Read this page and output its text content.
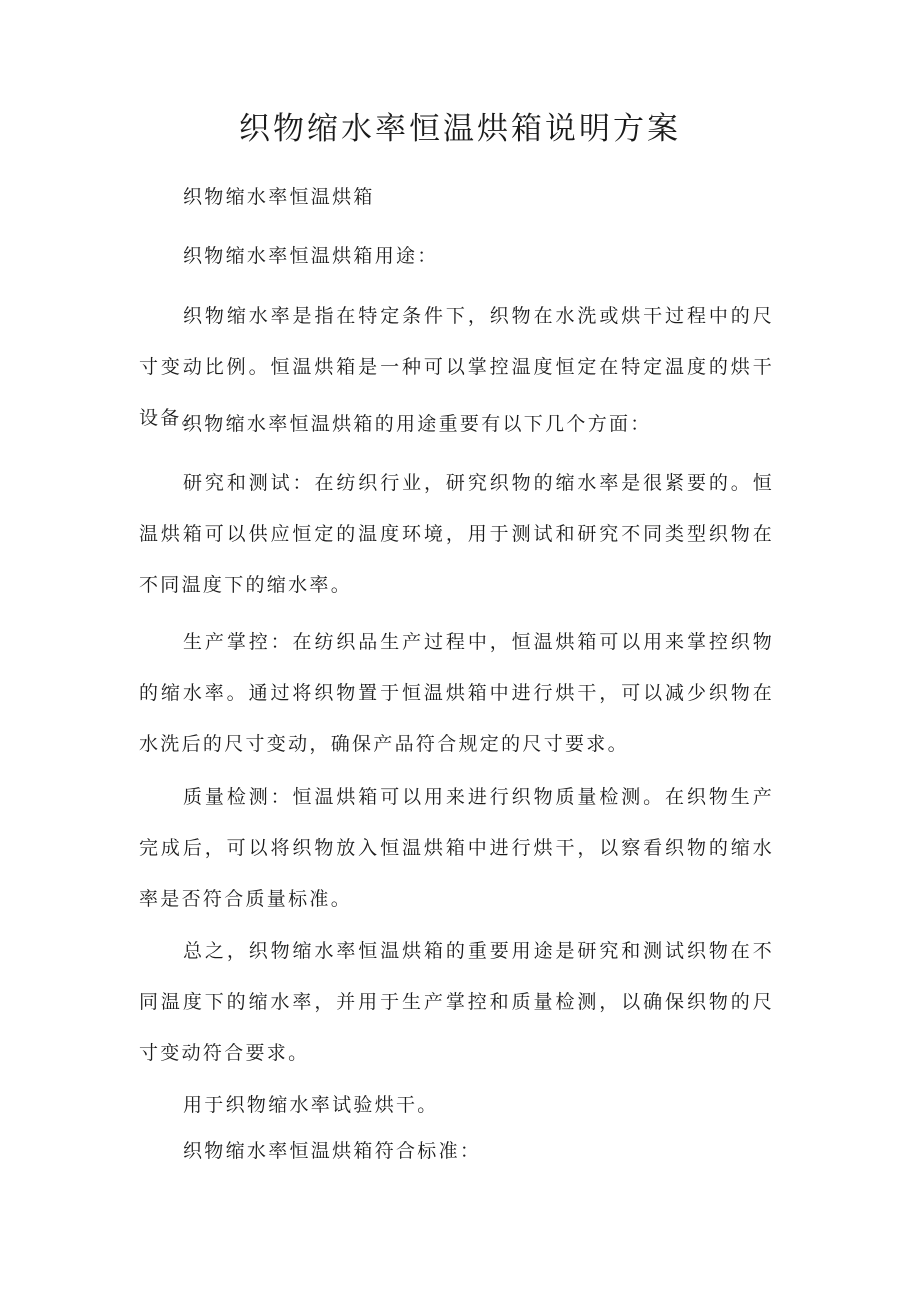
织物缩水率恒温烘箱说明方案

织物缩水率恒温烘箱

织物缩水率恒温烘箱用途：

织物缩水率是指在特定条件下，织物在水洗或烘干过程中的尺寸变动比例。恒温烘箱是一种可以掌控温度恒定在特定温度的烘干设备。

织物缩水率恒温烘箱的用途重要有以下几个方面：

研究和测试：在纺织行业，研究织物的缩水率是很紧要的。恒温烘箱可以供应恒定的温度环境，用于测试和研究不同类型织物在不同温度下的缩水率。

生产掌控：在纺织品生产过程中，恒温烘箱可以用来掌控织物的缩水率。通过将织物置于恒温烘箱中进行烘干，可以减少织物在水洗后的尺寸变动，确保产品符合规定的尺寸要求。

质量检测：恒温烘箱可以用来进行织物质量检测。在织物生产完成后，可以将织物放入恒温烘箱中进行烘干，以察看织物的缩水率是否符合质量标准。

总之，织物缩水率恒温烘箱的重要用途是研究和测试织物在不同温度下的缩水率，并用于生产掌控和质量检测，以确保织物的尺寸变动符合要求。

用于织物缩水率试验烘干。

织物缩水率恒温烘箱符合标准：
